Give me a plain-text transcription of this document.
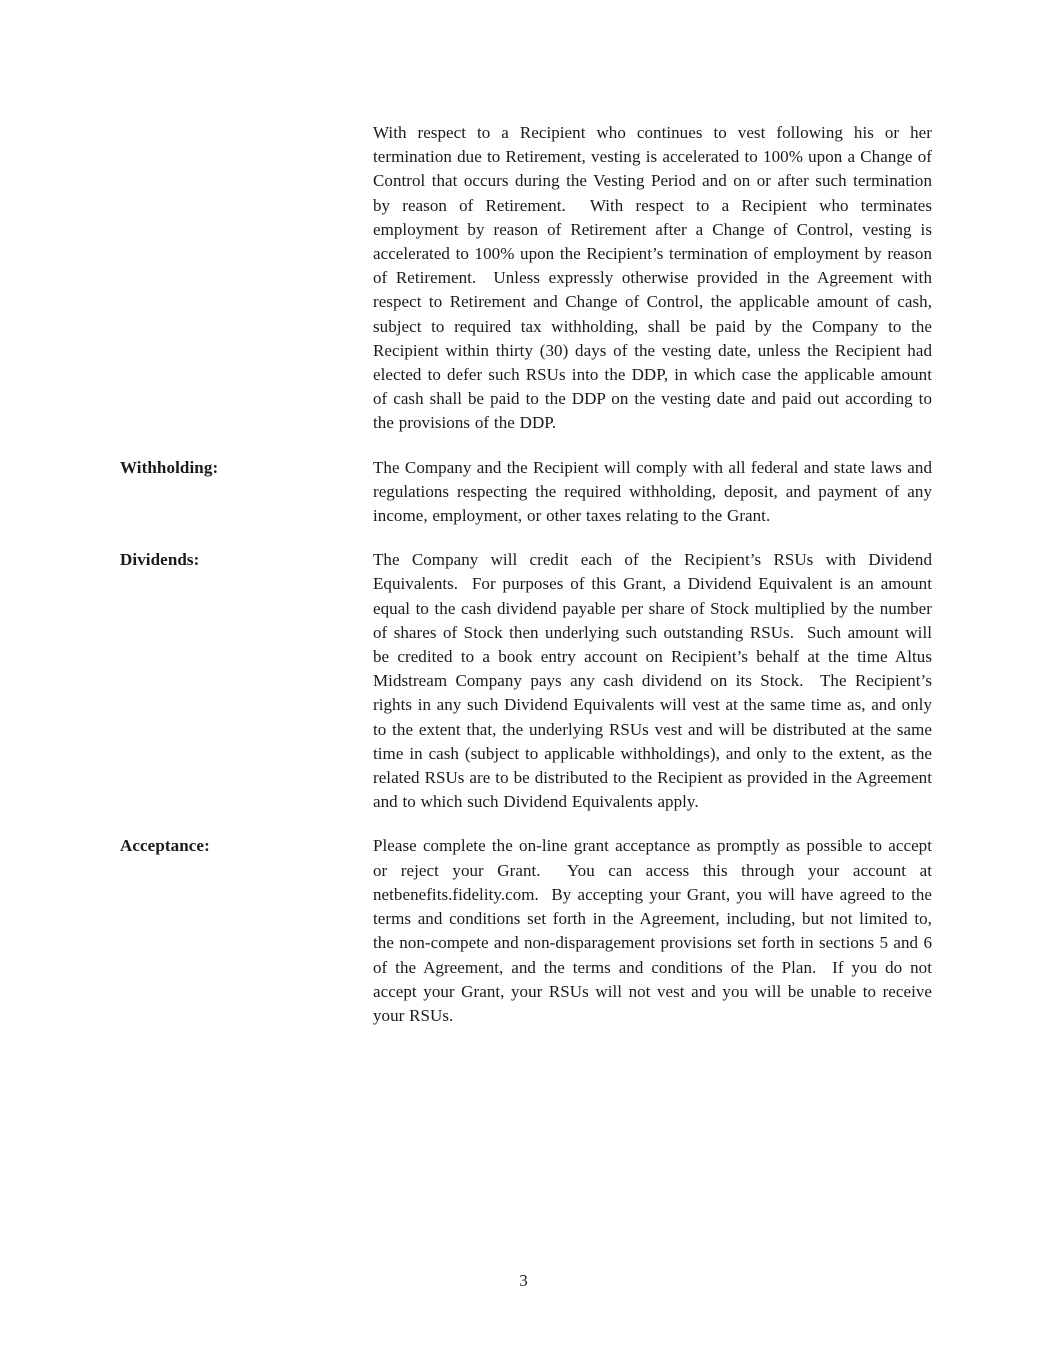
With respect to a Recipient who continues to vest following his or her termination due to Retirement, vesting is accelerated to 100% upon a Change of Control that occurs during the Vesting Period and on or after such termination by reason of Retirement.  With respect to a Recipient who terminates employment by reason of Retirement after a Change of Control, vesting is accelerated to 100% upon the Recipient’s termination of employment by reason of Retirement.  Unless expressly otherwise provided in the Agreement with respect to Retirement and Change of Control, the applicable amount of cash, subject to required tax withholding, shall be paid by the Company to the Recipient within thirty (30) days of the vesting date, unless the Recipient had elected to defer such RSUs into the DDP, in which case the applicable amount of cash shall be paid to the DDP on the vesting date and paid out according to the provisions of the DDP.

Withholding:	The Company and the Recipient will comply with all federal and state laws and regulations respecting the required withholding, deposit, and payment of any income, employment, or other taxes relating to the Grant.

Dividends:	The Company will credit each of the Recipient’s RSUs with Dividend Equivalents.  For purposes of this Grant, a Dividend Equivalent is an amount equal to the cash dividend payable per share of Stock multiplied by the number of shares of Stock then underlying such outstanding RSUs.  Such amount will be credited to a book entry account on Recipient’s behalf at the time Altus Midstream Company pays any cash dividend on its Stock.  The Recipient’s rights in any such Dividend Equivalents will vest at the same time as, and only to the extent that, the underlying RSUs vest and will be distributed at the same time in cash (subject to applicable withholdings), and only to the extent, as the related RSUs are to be distributed to the Recipient as provided in the Agreement and to which such Dividend Equivalents apply.

Acceptance:	Please complete the on-line grant acceptance as promptly as possible to accept or reject your Grant.  You can access this through your account at netbenefits.fidelity.com.  By accepting your Grant, you will have agreed to the terms and conditions set forth in the Agreement, including, but not limited to, the non-compete and non-disparagement provisions set forth in sections 5 and 6 of the Agreement, and the terms and conditions of the Plan.  If you do not accept your Grant, your RSUs will not vest and you will be unable to receive your RSUs.

3
